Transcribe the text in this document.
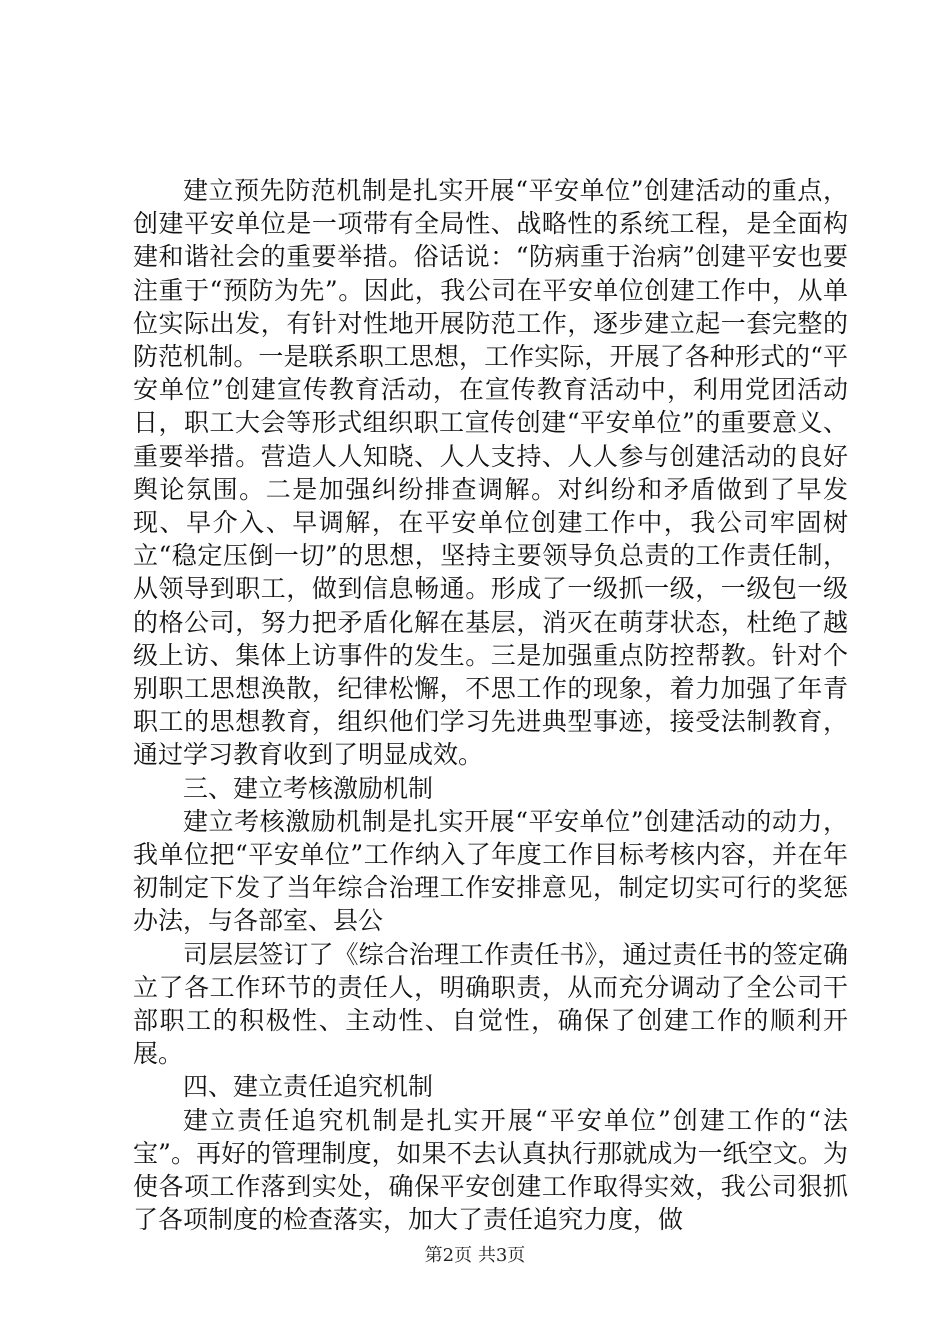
建立预先防范机制是扎实开展“平安单位”创建活动的重点，创建平安单位是一项带有全局性、战略性的系统工程，是全面构建和谐社会的重要举措。俗话说：“防病重于治病”创建平安也要注重于“预防为先”。因此，我公司在平安单位创建工作中，从单位实际出发，有针对性地开展防范工作，逐步建立起一套完整的防范机制。一是联系职工思想，工作实际，开展了各种形式的“平安单位”创建宣传教育活动，在宣传教育活动中，利用党团活动日，职工大会等形式组织职工宣传创建“平安单位”的重要意义、重要举措。营造人人知晓、人人支持、人人参与创建活动的良好舆论氛围。二是加强纠纷排查调解。对纠纷和矛盾做到了早发现、早介入、早调解，在平安单位创建工作中，我公司牢固树立“稳定压倒一切”的思想，坚持主要领导负总责的工作责任制，从领导到职工，做到信息畅通。形成了一级抓一级，一级包一级的格公司，努力把矛盾化解在基层，消灭在萌芽状态，杜绝了越级上访、集体上访事件的发生。三是加强重点防控帮教。针对个别职工思想涣散，纪律松懈，不思工作的现象，着力加强了年青职工的思想教育，组织他们学习先进典型事迹，接受法制教育，通过学习教育收到了明显成效。

三、建立考核激励机制

建立考核激励机制是扎实开展“平安单位”创建活动的动力，我单位把“平安单位”工作纳入了年度工作目标考核内容，并在年初制定下发了当年综合治理工作安排意见，制定切实可行的奖惩办法，与各部室、县公

司层层签订了《综合治理工作责任书》，通过责任书的签定确立了各工作环节的责任人，明确职责，从而充分调动了全公司干部职工的积极性、主动性、自觉性，确保了创建工作的顺利开展。

四、建立责任追究机制

建立责任追究机制是扎实开展“平安单位”创建工作的“法宝”。再好的管理制度，如果不去认真执行那就成为一纸空文。为使各项工作落到实处，确保平安创建工作取得实效，我公司狠抓了各项制度的检查落实，加大了责任追究力度，做

第2页 共3页
